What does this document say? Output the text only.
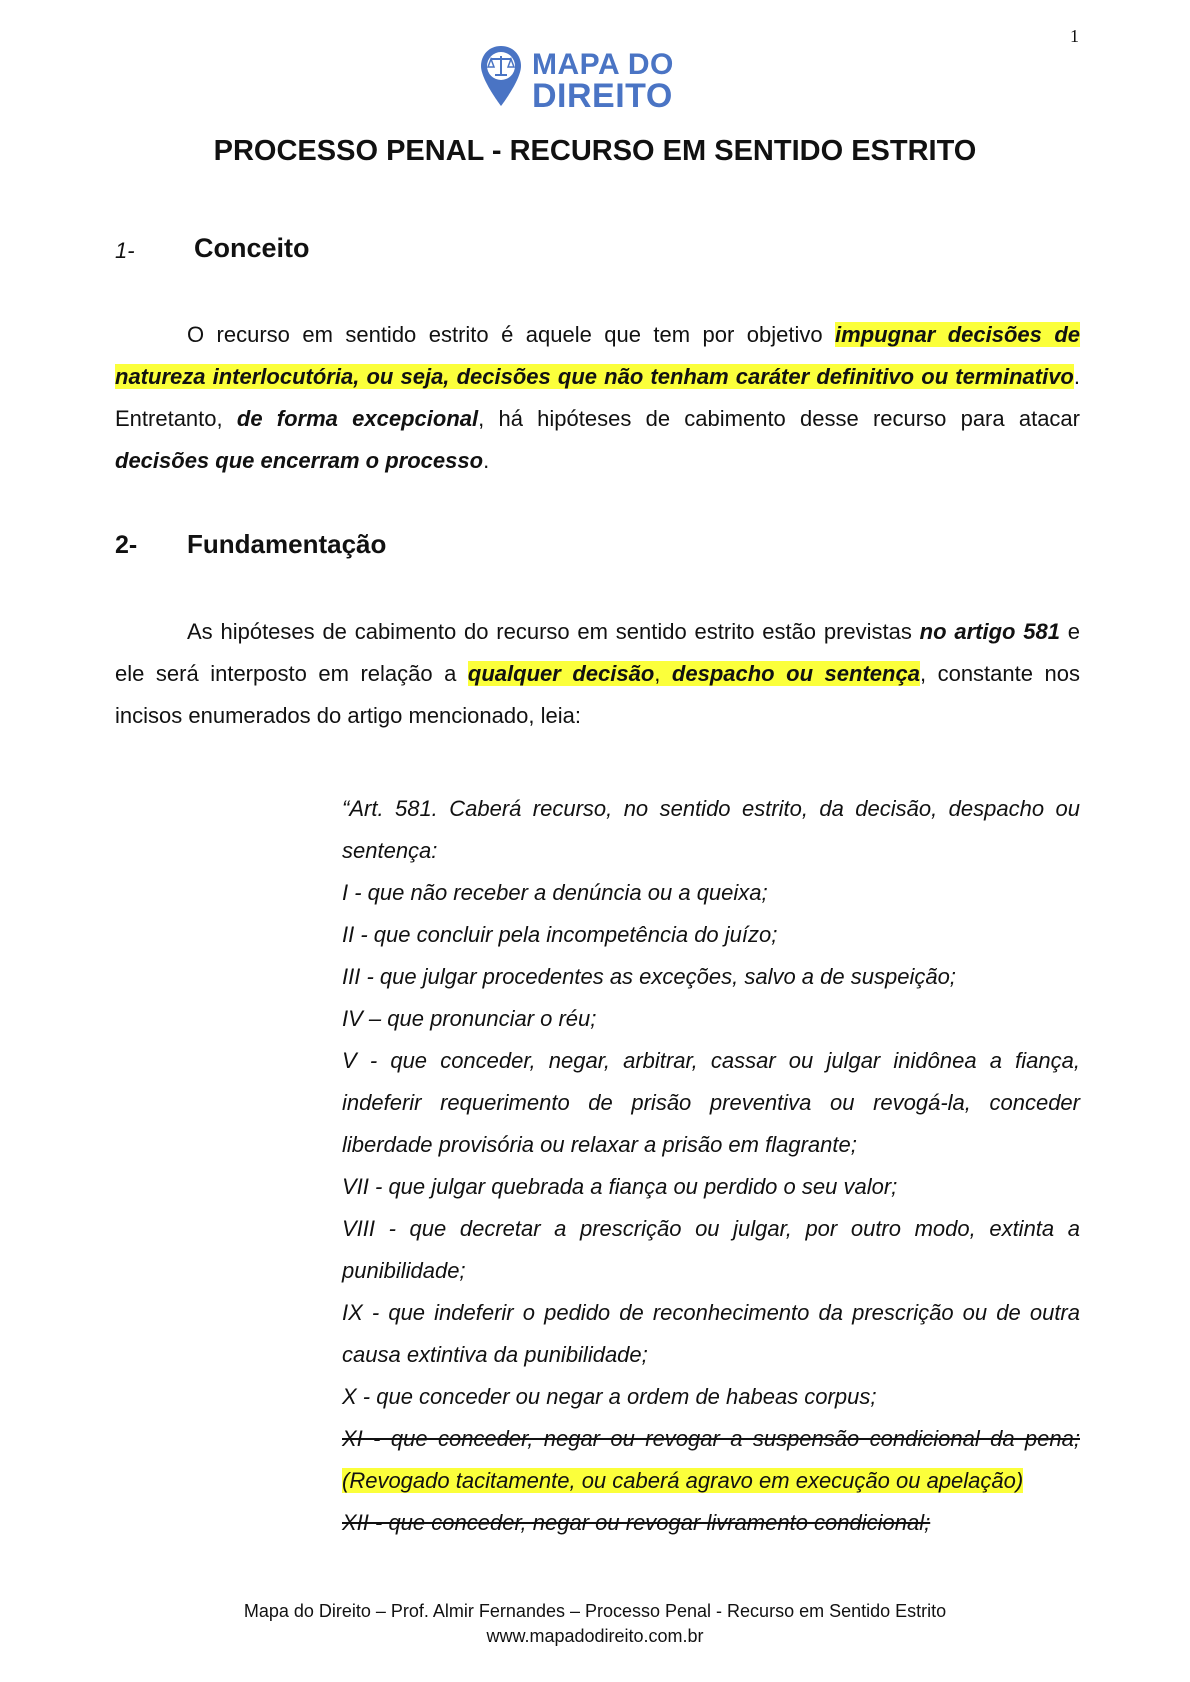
1
MAPA DO
DIREITO
PROCESSO PENAL - RECURSO EM SENTIDO ESTRITO
1- Conceito
O recurso em sentido estrito é aquele que tem por objetivo impugnar decisões de natureza interlocutória, ou seja, decisões que não tenham caráter definitivo ou terminativo. Entretanto, de forma excepcional, há hipóteses de cabimento desse recurso para atacar decisões que encerram o processo.
2- Fundamentação
As hipóteses de cabimento do recurso em sentido estrito estão previstas no artigo 581 e ele será interposto em relação a qualquer decisão, despacho ou sentença, constante nos incisos enumerados do artigo mencionado, leia:

“Art. 581. Caberá recurso, no sentido estrito, da decisão, despacho ou sentença:

I - que não receber a denúncia ou a queixa;

II - que concluir pela incompetência do juízo;

III - que julgar procedentes as exceções, salvo a de suspeição;

IV – que pronunciar o réu;

V - que conceder, negar, arbitrar, cassar ou julgar inidônea a fiança, indeferir requerimento de prisão preventiva ou revogá-la, conceder liberdade provisória ou relaxar a prisão em flagrante;

VII - que julgar quebrada a fiança ou perdido o seu valor;

VIII - que decretar a prescrição ou julgar, por outro modo, extinta a punibilidade;

IX - que indeferir o pedido de reconhecimento da prescrição ou de outra causa extintiva da punibilidade;

X - que conceder ou negar a ordem de habeas corpus;

XI - que conceder, negar ou revogar a suspensão condicional da pena; (Revogado tacitamente, ou caberá agravo em execução ou apelação)

XII - que conceder, negar ou revogar livramento condicional;

Mapa do Direito – Prof. Almir Fernandes – Processo Penal - Recurso em Sentido Estrito
www.mapadodireito.com.br
